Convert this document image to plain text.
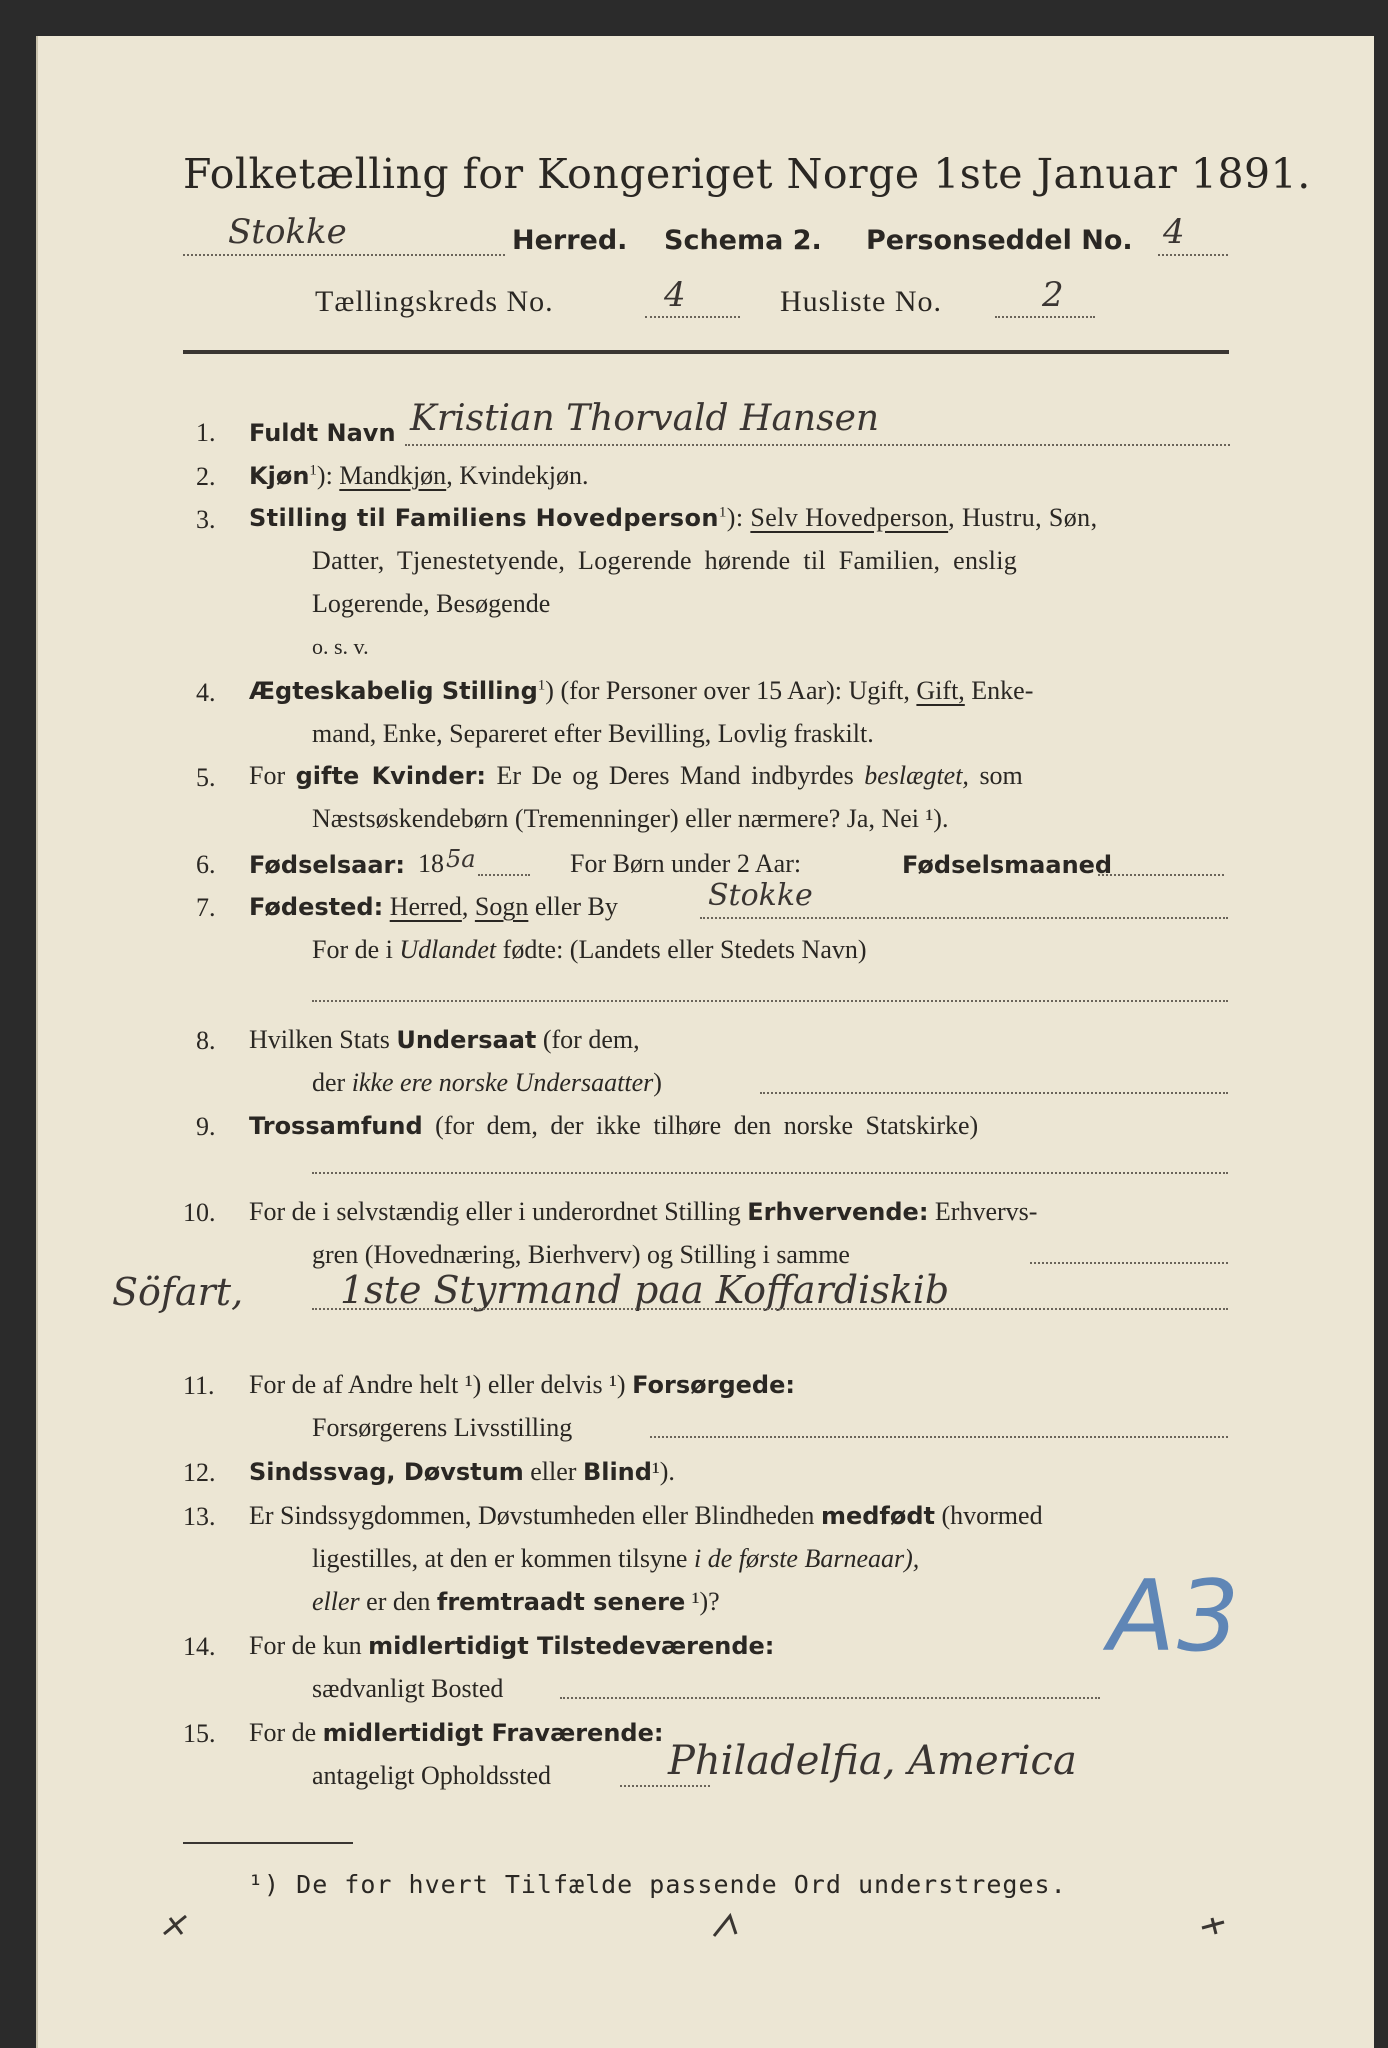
Folketælling for Kongeriget Norge 1ste Januar 1891.
Stokke	Herred. Schema 2. Personseddel No. 4
Tællingskreds No.	4	Husliste No.	2
1. Fuldt Navn Kristian Thorvald Hansen
2. Kjøn$^1$): Mandkjøn, Kvindekjøn.
3. Stilling til Familiens Hovedperson$^1$): Selv Hovedperson, Hustru, Søn,
Datter, Tjenestetyende, Logerende hørende til Familien, enslig
Logerende, Besøgende
o. s. v.
4. Ægteskabelig Stilling$^1$) (for Personer over 15 Aar): Ugift, Gift, Enke-
mand, Enke, Separeret efter Bevilling, Lovlig fraskilt.
5. For gifte Kvinder: Er De og Deres Mand indbyrdes beslægtet, som
Næstsøskendebørn (Tremenninger) eller nærmere? Ja, Nei ¹).
6. Fødselsaar: 18 5a	For Børn under 2 Aar:	Fødselsmaaned
7. Fødested: Herred, Sogn eller By	Stokke
For de i Udlandet fødte: (Landets eller Stedets Navn)
8. Hvilken Stats Undersaat (for dem,
der ikke ere norske Undersaatter)
9. Trossamfund (for dem, der ikke tilhøre den norske Statskirke)
10. For de i selvstændig eller i underordnet Stilling Erhvervende: Erhvervs-
gren (Hovednæring, Bierhverv) og Stilling i samme
Söfart,	1ste Styrmand paa Koffardiskib
11. For de af Andre helt ¹) eller delvis ¹) Forsørgede:
Forsørgerens Livsstilling
12. Sindssvag, Døvstum eller Blind¹).
13. Er Sindssygdommen, Døvstumheden eller Blindheden medfødt (hvormed
ligestilles, at den er kommen tilsyne i de første Barneaar),
eller er den fremtraadt senere ¹)?	A3
14. For de kun midlertidigt Tilstedeværende:
sædvanligt Bosted
15. For de midlertidigt Fraværende:
antageligt Opholdssted	Philadelfia, America
¹) De for hvert Tilfælde passende Ord understreges.
